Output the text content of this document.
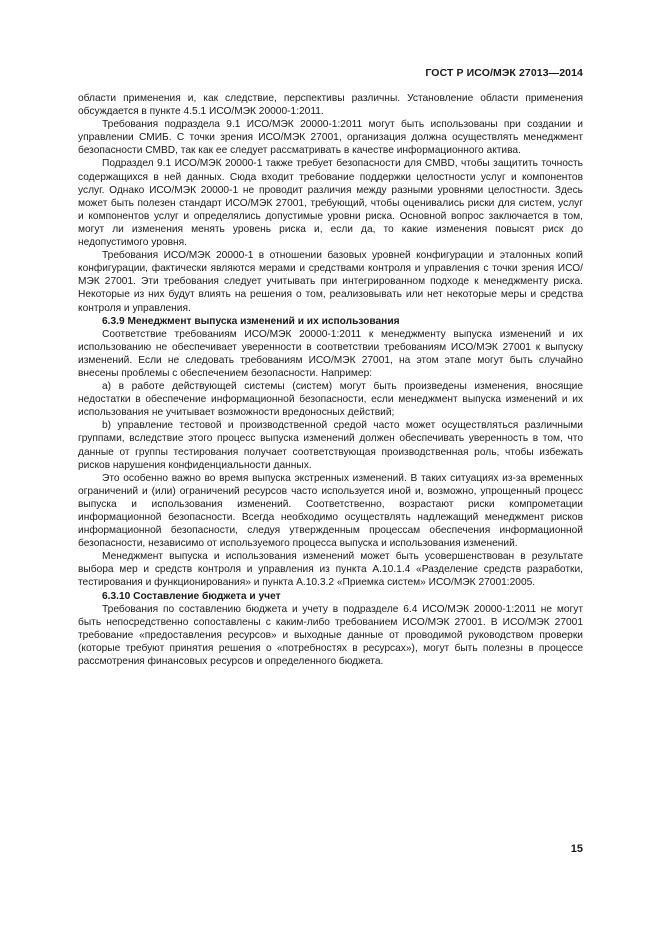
ГОСТ Р ИСО/МЭК 27013—2014

области применения и, как следствие, перспективы различны. Установление области применения обсуждается в пункте 4.5.1 ИСО/МЭК 20000-1:2011.

Требования подраздела 9.1 ИСО/МЭК 20000-1:2011 могут быть использованы при создании и управлении СМИБ. С точки зрения ИСО/МЭК 27001, организация должна осуществлять менеджмент безопасности СМВD, так как ее следует рассматривать в качестве информационного актива.

Подраздел 9.1 ИСО/МЭК 20000-1 также требует безопасности для СМВD, чтобы защитить точность содержащихся в ней данных. Сюда входит требование поддержки целостности услуг и компонентов услуг. Однако ИСО/МЭК 20000-1 не проводит различия между разными уровнями целостности. Здесь может быть полезен стандарт ИСО/МЭК 27001, требующий, чтобы оценивались риски для систем, услуг и компонентов услуг и определялись допустимые уровни риска. Основной вопрос заключается в том, могут ли изменения менять уровень риска и, если да, то какие изменения повысят риск до недопустимого уровня.

Требования ИСО/МЭК 20000-1 в отношении базовых уровней конфигурации и эталонных копий конфигурации, фактически являются мерами и средствами контроля и управления с точки зрения ИСО/МЭК 27001. Эти требования следует учитывать при интегрированном подходе к менеджменту риска. Некоторые из них будут влиять на решения о том, реализовывать или нет некоторые меры и средства контроля и управления.

6.3.9 Менеджмент выпуска изменений и их использования

Соответствие требованиям ИСО/МЭК 20000-1:2011 к менеджменту выпуска изменений и их использованию не обеспечивает уверенности в соответствии требованиям ИСО/МЭК 27001 к выпуску изменений. Если не следовать требованиям ИСО/МЭК 27001, на этом этапе могут быть случайно внесены проблемы с обеспечением безопасности. Например:

а) в работе действующей системы (систем) могут быть произведены изменения, вносящие недостатки в обеспечение информационной безопасности, если менеджмент выпуска изменений и их использования не учитывает возможности вредоносных действий;

b) управление тестовой и производственной средой часто может осуществляться различными группами, вследствие этого процесс выпуска изменений должен обеспечивать уверенность в том, что данные от группы тестирования получает соответствующая производственная роль, чтобы избежать рисков нарушения конфиденциальности данных.

Это особенно важно во время выпуска экстренных изменений. В таких ситуациях из-за временных ограничений и (или) ограничений ресурсов часто используется иной и, возможно, упрощенный процесс выпуска и использования изменений. Соответственно, возрастают риски компрометации информационной безопасности. Всегда необходимо осуществлять надлежащий менеджмент рисков информационной безопасности, следуя утвержденным процессам обеспечения информационной безопасности, независимо от используемого процесса выпуска и использования изменений.

Менеджмент выпуска и использования изменений может быть усовершенствован в результате выбора мер и средств контроля и управления из пункта А.10.1.4 «Разделение средств разработки, тестирования и функционирования» и пункта А.10.3.2 «Приемка систем» ИСО/МЭК 27001:2005.

6.3.10 Составление бюджета и учет

Требования по составлению бюджета и учету в подразделе 6.4 ИСО/МЭК 20000-1:2011 не могут быть непосредственно сопоставлены с каким-либо требованием ИСО/МЭК 27001. В ИСО/МЭК 27001 требование «предоставления ресурсов» и выходные данные от проводимой руководством проверки (которые требуют принятия решения о «потребностях в ресурсах»), могут быть полезны в процессе рассмотрения финансовых ресурсов и определенного бюджета.

15
